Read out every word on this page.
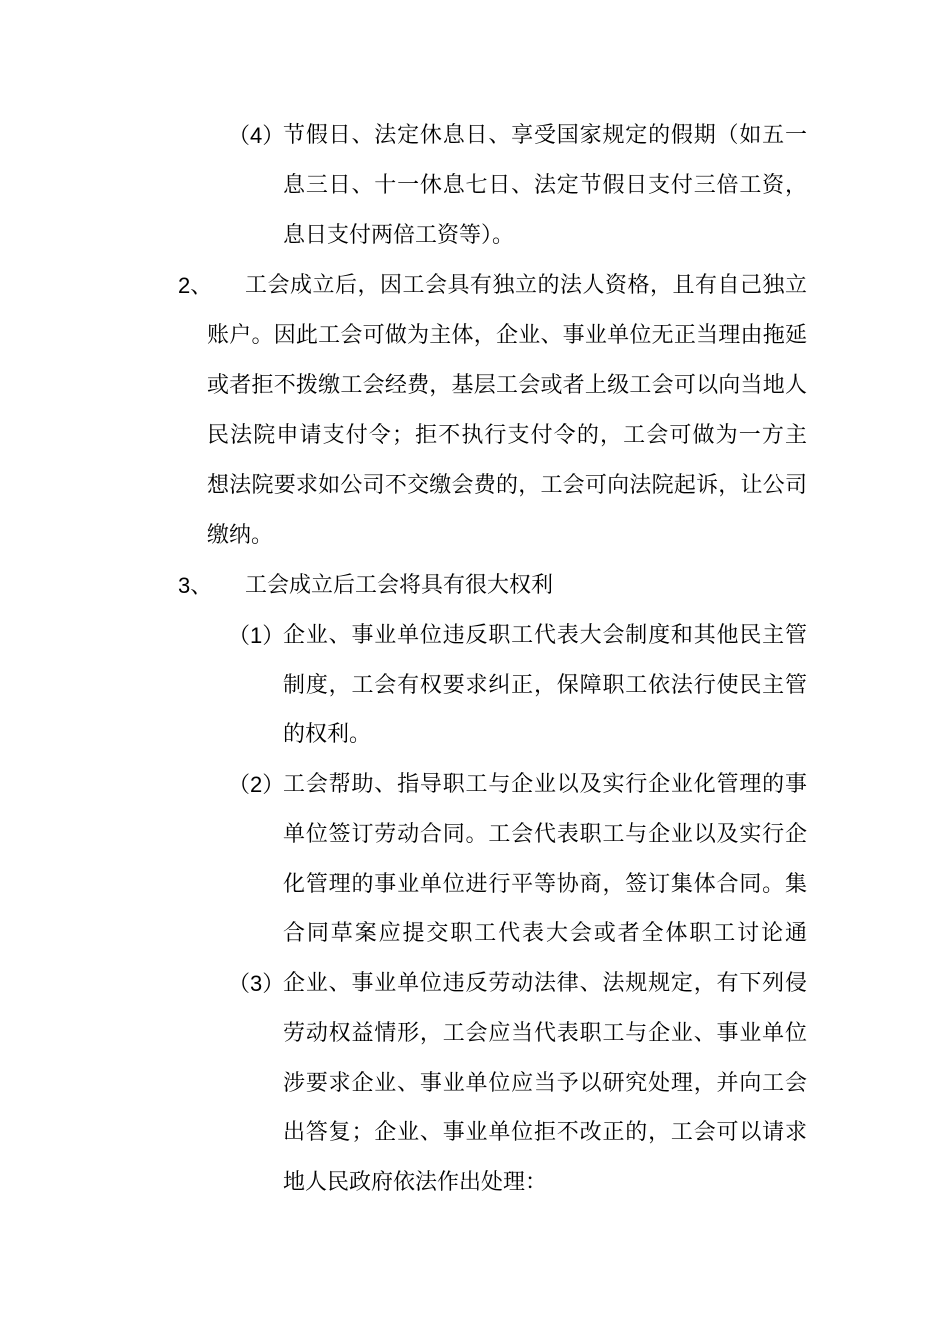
（4）
节假日、法定休息日、享受国家规定的假期（如五一
息三日、十一休息七日、法定节假日支付三倍工资，
息日支付两倍工资等）。
2、 工会成立后，因工会具有独立的法人资格，且有自己独立
账户。因此工会可做为主体，企业、事业单位无正当理由拖延
或者拒不拨缴工会经费，基层工会或者上级工会可以向当地人
民法院申请支付令；拒不执行支付令的，工会可做为一方主
想法院要求如公司不交缴会费的，工会可向法院起诉，让公司
缴纳。
3、 工会成立后工会将具有很大权利
（1）
企业、事业单位违反职工代表大会制度和其他民主管
制度，工会有权要求纠正，保障职工依法行使民主管
的权利。
（2）
工会帮助、指导职工与企业以及实行企业化管理的事
单位签订劳动合同。工会代表职工与企业以及实行企
化管理的事业单位进行平等协商，签订集体合同。集
合同草案应提交职工代表大会或者全体职工讨论通
（3）
企业、事业单位违反劳动法律、法规规定，有下列侵
劳动权益情形，工会应当代表职工与企业、事业单位
涉要求企业、事业单位应当予以研究处理，并向工会
出答复；企业、事业单位拒不改正的，工会可以请求
地人民政府依法作出处理：
